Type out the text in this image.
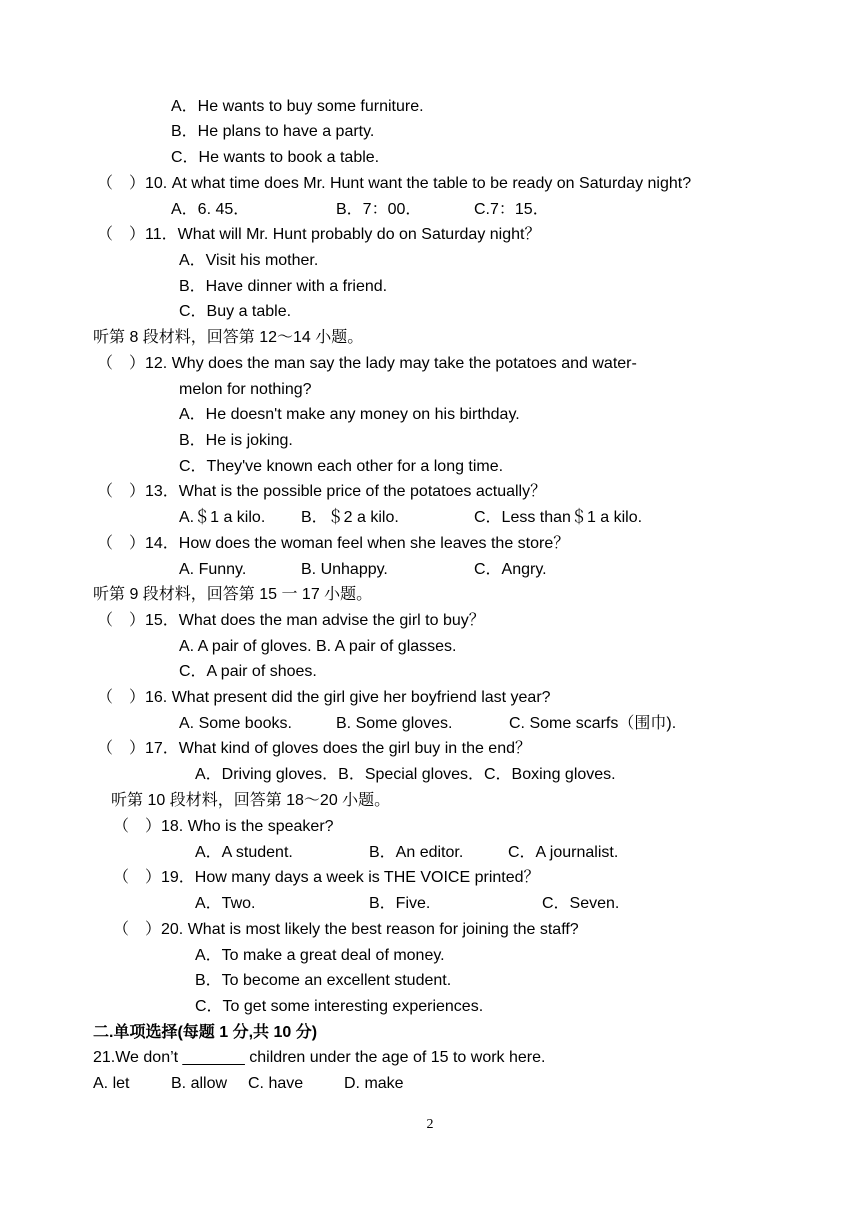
A．He wants to buy some furniture.
B．He plans to have a party.
C．He wants to book a table.
（　）10. At what time does Mr. Hunt want the table to be ready on Saturday night?
A．6. 45．	B．7：00．	C.7：15．
（　）11．What will Mr. Hunt probably do on Saturday night？
A．Visit his mother.
B．Have dinner with a friend.
C．Buy a table.
听第 8 段材料，回答第 12～14 小题。
（　）12. Why does the man say the lady may take the potatoes and water-
melon for nothing?
A．He doesn't make any money on his birthday.
B．He is joking.
C．They've known each other for a long time.
（　）13．What is the possible price of the potatoes actually？
A.＄1 a kilo. B．＄2 a kilo.	C．Less than＄1 a kilo.
（　）14．How does the woman feel when she leaves the store？
A. Funny.	B. Unhappy.	C．Angry.
听第 9 段材料，回答第 15 一 17 小题。
（　）15．What does the man advise the girl to buy？
A. A pair of gloves. B. A pair of glasses.
C．A pair of shoes.
（　）16. What present did the girl give her boyfriend last year?
A. Some books.	B. Some gloves.	C. Some scarfs（围巾).
（　）17．What kind of gloves does the girl buy in the end？
A．Driving gloves．B．Special gloves．C．Boxing gloves.
听第 10 段材料，回答第 18～20 小题。
（　）18. Who is the speaker?
A．A student.	B．An editor.	C．A journalist.
（　）19．How many days a week is THE VOICE printed？
A．Two.	B．Five.	C．Seven.
（　）20. What is most likely the best reason for joining the staff?
A．To make a great deal of money.
B．To become an excellent student.
C．To get some interesting experiences.
二.单项选择(每题 1 分,共 10 分)
21.We don’t _______ children under the age of 15 to work here.
A. let	B. allow C. have	D. make
2
